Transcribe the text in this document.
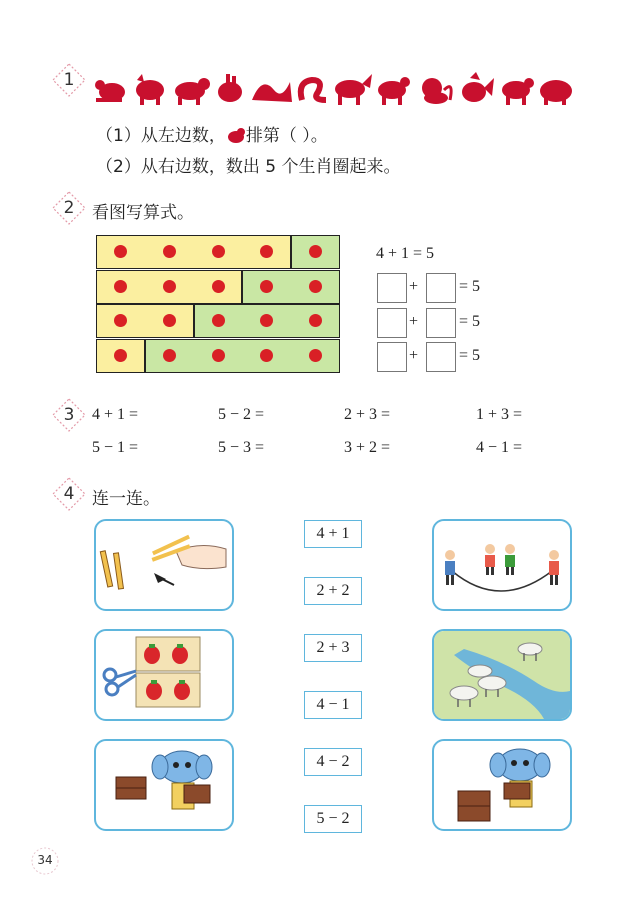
1
（1）从左边数， 排第（ ）。
（2）从右边数，数出 5 个生肖圈起来。
2	看图写算式。
4 + 1 = 5
+	= 5
+	= 5
+	= 5
3	4 + 1 =	5 − 2 =	2 + 3 =	1 + 3 =
5 − 1 =	5 − 3 =	3 + 2 =	4 − 1 =
4	连一连。
4 + 1
2 + 2
2 + 3
4 − 1
4 − 2
5 − 2
34
